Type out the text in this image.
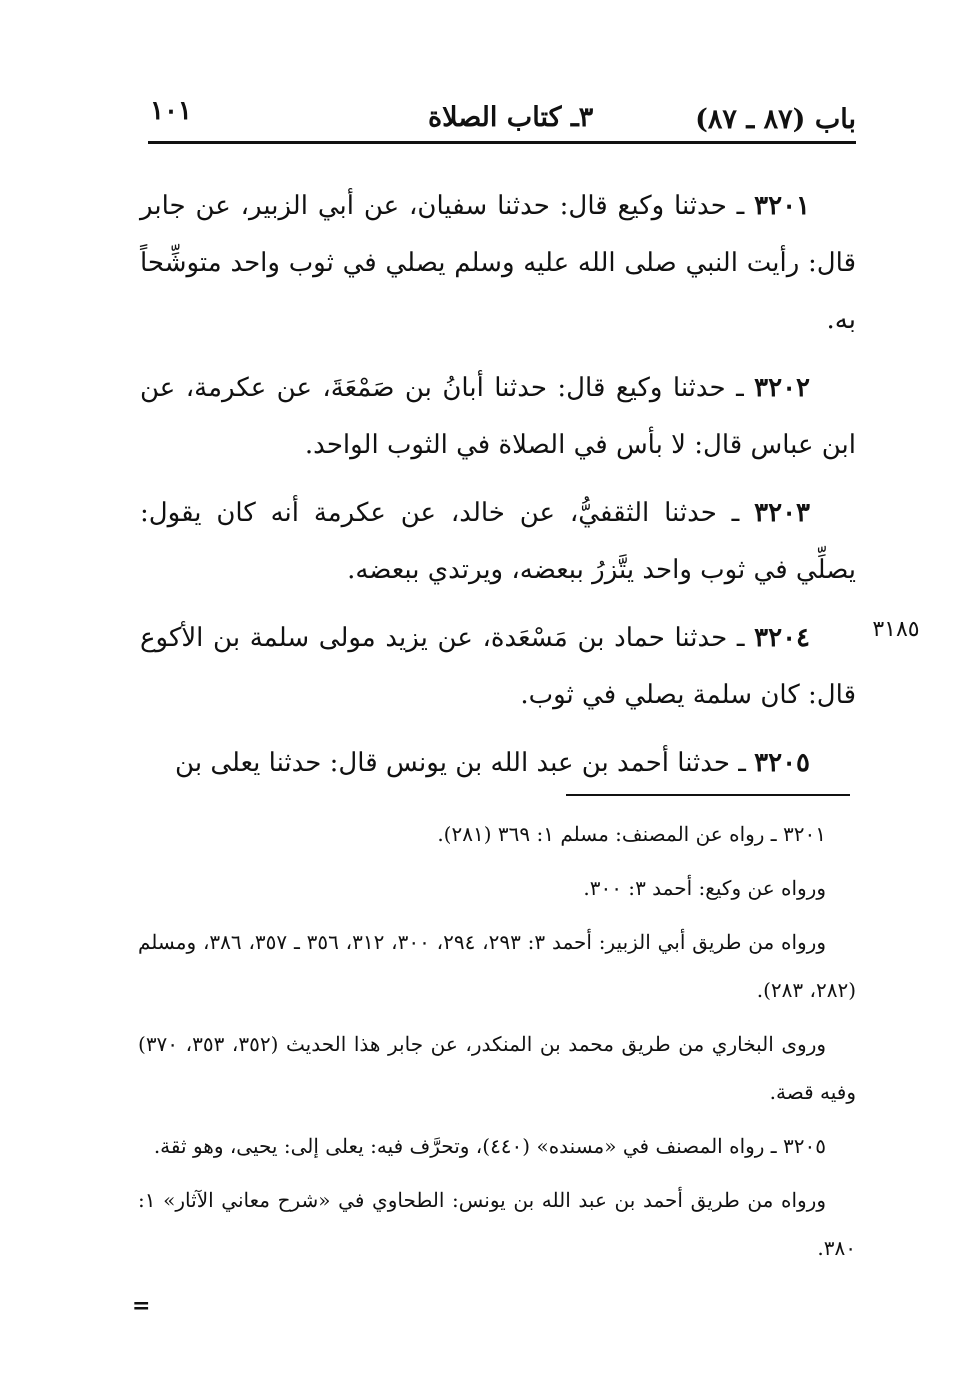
باب (٨٧ ـ ٨٧)
٣ـ كتاب الصلاة
١٠١

٣٢٠١ ـ حدثنا وكيع قال: حدثنا سفيان، عن أبي الزبير، عن جابر قال: رأيت النبي صلى الله عليه وسلم يصلي في ثوب واحد متوشِّحاً به.

٣٢٠٢ ـ حدثنا وكيع قال: حدثنا أبانُ بن صَمْعَةَ، عن عكرمة، عن ابن عباس قال: لا بأس في الصلاة في الثوب الواحد.

٣٢٠٣ ـ حدثنا الثقفيُّ، عن خالد، عن عكرمة أنه كان يقول: يصلِّي في ثوب واحد يتَّزرُ ببعضه، ويرتدي ببعضه.

٣٢٠٤ ـ حدثنا حماد بن مَسْعَدة، عن يزيد مولى سلمة بن الأكوع قال: كان سلمة يصلي في ثوب.

٣٢٠٥ ـ حدثنا أحمد بن عبد الله بن يونس قال: حدثنا يعلى بن

٣١٨٥

٣٢٠١ ـ رواه عن المصنف: مسلم ١: ٣٦٩ (٢٨١).

ورواه عن وكيع: أحمد ٣: ٣٠٠.

ورواه من طريق أبي الزبير: أحمد ٣: ٢٩٣، ٢٩٤، ٣٠٠، ٣١٢، ٣٥٦ ـ ٣٥٧، ٣٨٦، ومسلم (٢٨٢، ٢٨٣).

وروى البخاري من طريق محمد بن المنكدر، عن جابر هذا الحديث (٣٥٢، ٣٥٣، ٣٧٠) وفيه قصة.

٣٢٠٥ ـ رواه المصنف في «مسنده» (٤٤٠)، وتحرَّف فيه: يعلى إلى: يحيى، وهو ثقة.

ورواه من طريق أحمد بن عبد الله بن يونس: الطحاوي في «شرح معاني الآثار» ١: ٣٨٠.

=
